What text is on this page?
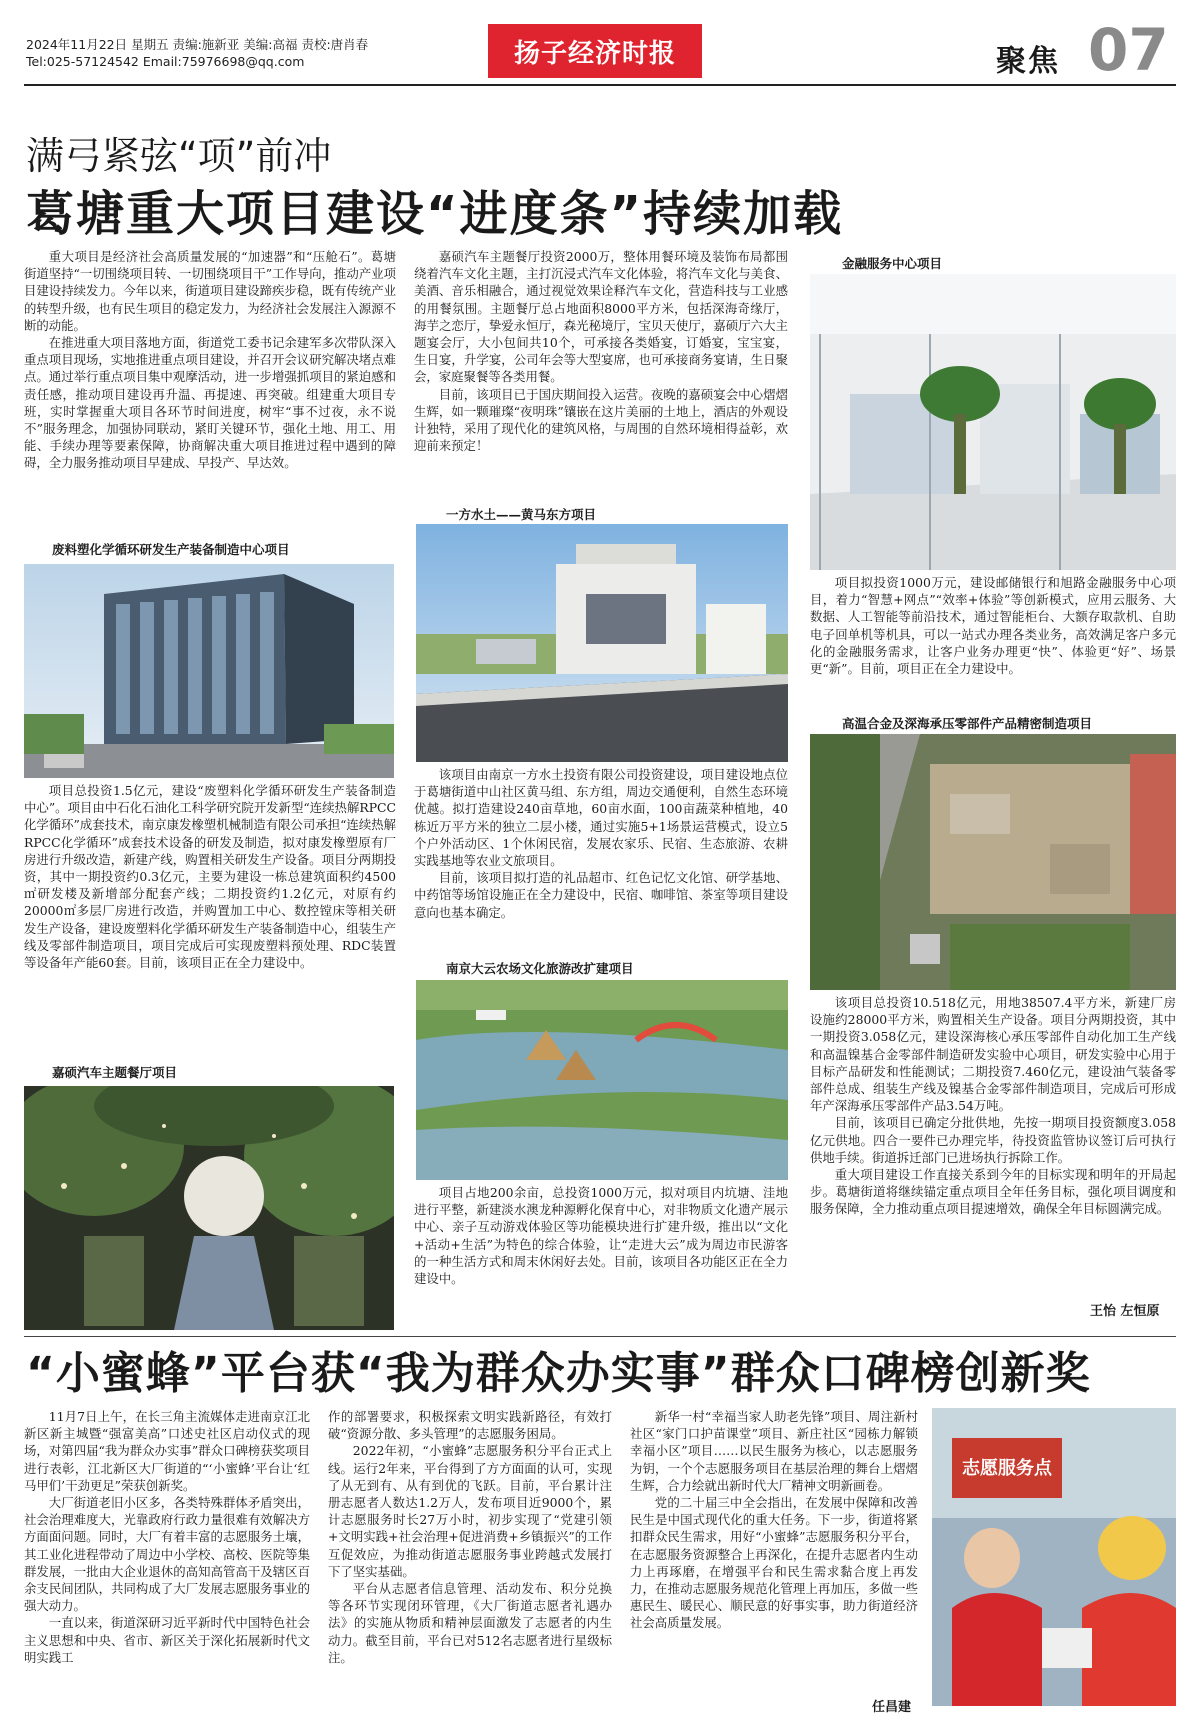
2024年11月22日 星期五 责编:施新亚 美编:高福 责校:唐肖春
Tel:025-57124542 Email:75976698@qq.com	扬子经济时报	聚焦 07
满弓紧弦“项”前冲
葛塘重大项目建设“进度条”持续加载

重大项目是经济社会高质量发展的“加速器”和“压舱石”。葛塘街道坚持“一切围绕项目转、一切围绕项目干”工作导向，推动产业项目建设持续发力。今年以来，街道项目建设蹄疾步稳，既有传统产业的转型升级，也有民生项目的稳定发力，为经济社会发展注入源源不断的动能。

在推进重大项目落地方面，街道党工委书记余建军多次带队深入重点项目现场，实地推进重点项目建设，并召开会议研究解决堵点难点。通过举行重点项目集中观摩活动，进一步增强抓项目的紧迫感和责任感，推动项目建设再升温、再提速、再突破。组建重大项目专班，实时掌握重大项目各环节时间进度，树牢“事不过夜，永不说不”服务理念，加强协同联动，紧盯关键环节，强化土地、用工、用能、手续办理等要素保障，协商解决重大项目推进过程中遇到的障碍，全力服务推动项目早建成、早投产、早达效。

废料塑化学循环研发生产装备制造中心项目

项目总投资1.5亿元，建设“废塑料化学循环研发生产装备制造中心”。项目由中石化石油化工科学研究院开发新型“连续热解RPCC化学循环”成套技术，南京康发橡塑机械制造有限公司承担“连续热解RPCC化学循环”成套技术设备的研发及制造，拟对康发橡塑原有厂房进行升级改造，新建产线，购置相关研发生产设备。项目分两期投资，其中一期投资约0.3亿元，主要为建设一栋总建筑面积约4500㎡研发楼及新增部分配套产线；二期投资约1.2亿元，对原有约20000㎡多层厂房进行改造，并购置加工中心、数控镗床等相关研发生产设备，建设废塑料化学循环研发生产装备制造中心，组装生产线及零部件制造项目，项目完成后可实现废塑料预处理、RDC装置等设备年产能60套。目前，该项目正在全力建设中。

嘉硕汽车主题餐厅项目

嘉硕汽车主题餐厅投资2000万，整体用餐环境及装饰布局都围绕着汽车文化主题，主打沉浸式汽车文化体验，将汽车文化与美食、美酒、音乐相融合，通过视觉效果诠释汽车文化，营造科技与工业感的用餐氛围。主题餐厅总占地面积8000平方米，包括深海奇缘厅，海芋之恋厅，挚爱永恒厅，森光秘境厅，宝贝天使厅，嘉硕厅六大主题宴会厅，大小包间共10个，可承接各类婚宴，订婚宴，宝宝宴，生日宴，升学宴，公司年会等大型宴席，也可承接商务宴请，生日聚会，家庭聚餐等各类用餐。

目前，该项目已于国庆期间投入运营。夜晚的嘉硕宴会中心熠熠生辉，如一颗璀璨“夜明珠”镶嵌在这片美丽的土地上，酒店的外观设计独特，采用了现代化的建筑风格，与周围的自然环境相得益彰，欢迎前来预定！

一方水土——黄马东方项目

该项目由南京一方水土投资有限公司投资建设，项目建设地点位于葛塘街道中山社区黄马组、东方组，周边交通便利，自然生态环境优越。拟打造建设240亩草地，60亩水面，100亩蔬菜种植地，40栋近万平方米的独立二层小楼，通过实施5+1场景运营模式，设立5个户外活动区、1个休闲民宿，发展农家乐、民宿、生态旅游、农耕实践基地等农业文旅项目。

目前，该项目拟打造的礼品超市、红色记忆文化馆、研学基地、中药馆等场馆设施正在全力建设中，民宿、咖啡馆、茶室等项目建设意向也基本确定。

南京大云农场文化旅游改扩建项目

项目占地200余亩，总投资1000万元，拟对项目内坑塘、洼地进行平整，新建淡水澳龙种源孵化保育中心，对非物质文化遗产展示中心、亲子互动游戏体验区等功能模块进行扩建升级，推出以“文化+活动+生活”为特色的综合体验，让“走进大云”成为周边市民游客的一种生活方式和周末休闲好去处。目前，该项目各功能区正在全力建设中。

金融服务中心项目

项目拟投资1000万元，建设邮储银行和旭路金融服务中心项目，着力“智慧+网点”“效率+体验”等创新模式，应用云服务、大数据、人工智能等前沿技术，通过智能柜台、大额存取款机、自助电子回单机等机具，可以一站式办理各类业务，高效满足客户多元化的金融服务需求，让客户业务办理更“快”、体验更“好”、场景更“新”。目前，项目正在全力建设中。

高温合金及深海承压零部件产品精密制造项目

该项目总投资10.518亿元，用地38507.4平方米，新建厂房设施约28000平方米，购置相关生产设备。项目分两期投资，其中一期投资3.058亿元，建设深海核心承压零部件自动化加工生产线和高温镍基合金零部件制造研发实验中心项目，研发实验中心用于目标产品研发和性能测试；二期投资7.460亿元，建设油气装备零部件总成、组装生产线及镍基合金零部件制造项目，完成后可形成年产深海承压零部件产品3.54万吨。

目前，该项目已确定分批供地，先按一期项目投资额度3.058亿元供地。四合一要件已办理完毕，待投资监管协议签订后可执行供地手续。街道拆迁部门已进场执行拆除工作。

重大项目建设工作直接关系到今年的目标实现和明年的开局起步。葛塘街道将继续锚定重点项目全年任务目标，强化项目调度和服务保障，全力推动重点项目提速增效，确保全年目标圆满完成。

王怡 左恒原
“小蜜蜂”平台获“我为群众办实事”群众口碑榜创新奖

11月7日上午，在长三角主流媒体走进南京江北新区新主城暨“强富美高”口述史社区启动仪式的现场，对第四届“我为群众办实事”群众口碑榜获奖项目进行表彰，江北新区大厂街道的“‘小蜜蜂’平台让‘红马甲们’干劲更足”荣获创新奖。

大厂街道老旧小区多，各类特殊群体矛盾突出，社会治理难度大，光靠政府行政力量很难有效解决方方面面问题。同时，大厂有着丰富的志愿服务土壤，其工业化进程带动了周边中小学校、高校、医院等集群发展，一批由大企业退休的高知高管高干及辖区百余支民间团队，共同构成了大厂发展志愿服务事业的强大动力。

一直以来，街道深研习近平新时代中国特色社会主义思想和中央、省市、新区关于深化拓展新时代文明实践工

作的部署要求，积极探索文明实践新路径，有效打破“资源分散、多头管理”的志愿服务困局。

2022年初，“小蜜蜂”志愿服务积分平台正式上线。运行2年来，平台得到了方方面面的认可，实现了从无到有、从有到优的飞跃。目前，平台累计注册志愿者人数达1.2万人，发布项目近9000个，累计志愿服务时长27万小时，初步实现了“党建引领+文明实践+社会治理+促进消费+乡镇振兴”的工作互促效应，为推动街道志愿服务事业跨越式发展打下了坚实基础。

平台从志愿者信息管理、活动发布、积分兑换等各环节实现闭环管理，《大厂街道志愿者礼遇办法》的实施从物质和精神层面激发了志愿者的内生动力。截至目前，平台已对512名志愿者进行星级标注。

新华一村“幸福当家人助老先锋”项目、周注新村社区“家门口护苗课堂”项目、新庄社区“园栋力解锁幸福小区”项目……以民生服务为核心，以志愿服务为钥，一个个志愿服务项目在基层治理的舞台上熠熠生辉，合力绘就出新时代大厂精神文明新画卷。

党的二十届三中全会指出，在发展中保障和改善民生是中国式现代化的重大任务。下一步，街道将紧扣群众民生需求，用好“小蜜蜂”志愿服务积分平台，在志愿服务资源整合上再深化，在提升志愿者内生动力上再琢磨，在增强平台和民生需求黏合度上再发力，在推动志愿服务规范化管理上再加压，多做一些惠民生、暖民心、顺民意的好事实事，助力街道经济社会高质量发展。

任昌建
志愿服务点
